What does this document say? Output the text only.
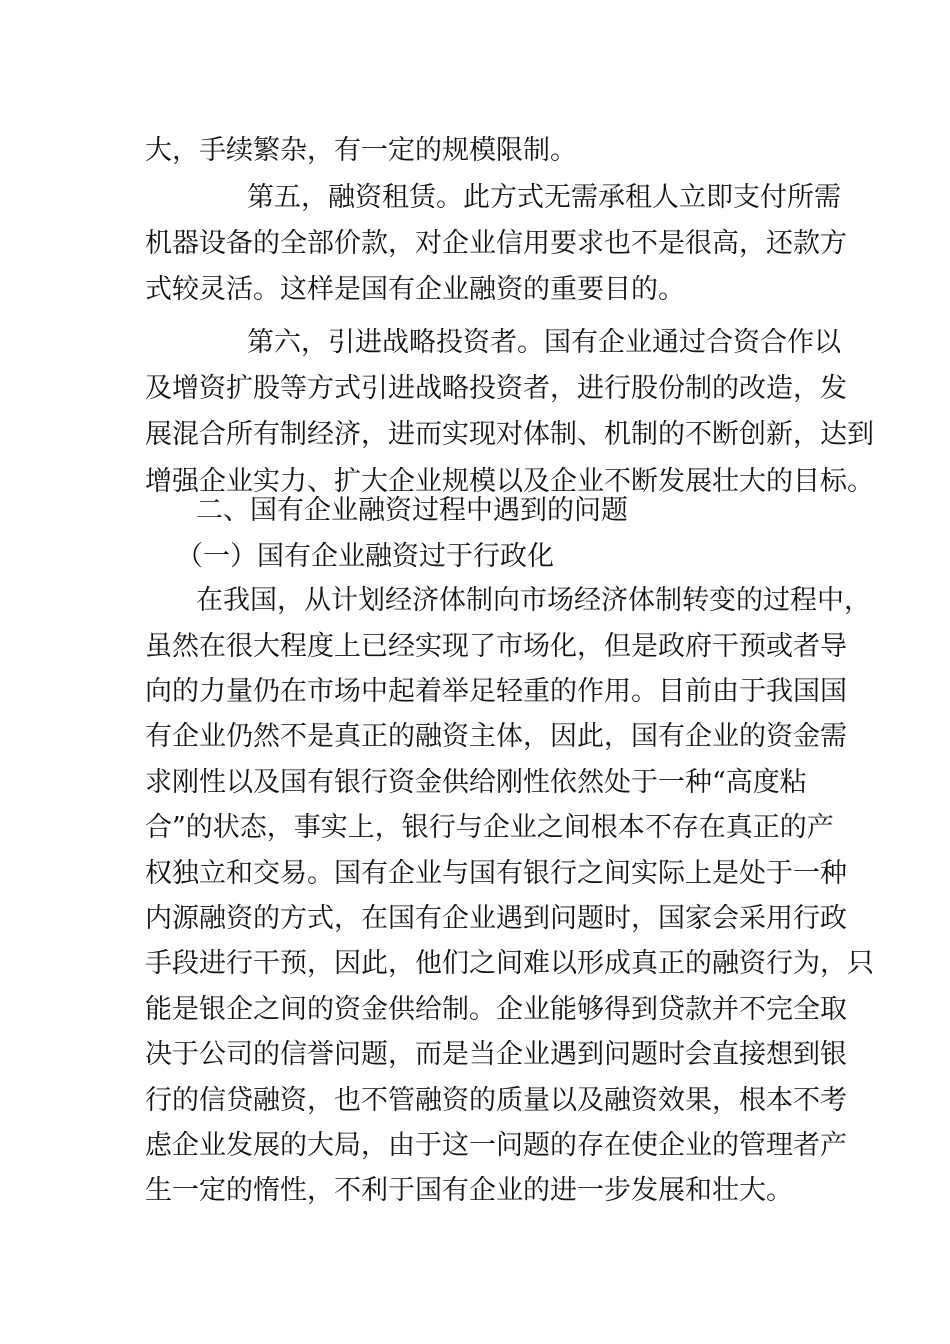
大，手续繁杂，有一定的规模限制。
第五，融资租赁。此方式无需承租人立即支付所需
机器设备的全部价款，对企业信用要求也不是很高，还款方
式较灵活。这样是国有企业融资的重要目的。
第六，引进战略投资者。国有企业通过合资合作以
及增资扩股等方式引进战略投资者，进行股份制的改造，发
展混合所有制经济，进而实现对体制、机制的不断创新，达到
增强企业实力、扩大企业规模以及企业不断发展壮大的目标。
二、国有企业融资过程中遇到的问题
（一）国有企业融资过于行政化
在我国，从计划经济体制向市场经济体制转变的过程中，
虽然在很大程度上已经实现了市场化，但是政府干预或者导
向的力量仍在市场中起着举足轻重的作用。目前由于我国国
有企业仍然不是真正的融资主体，因此，国有企业的资金需
求刚性以及国有银行资金供给刚性依然处于一种“高度粘
合”的状态，事实上，银行与企业之间根本不存在真正的产
权独立和交易。国有企业与国有银行之间实际上是处于一种
内源融资的方式，在国有企业遇到问题时，国家会采用行政
手段进行干预，因此，他们之间难以形成真正的融资行为，只
能是银企之间的资金供给制。企业能够得到贷款并不完全取
决于公司的信誉问题，而是当企业遇到问题时会直接想到银
行的信贷融资，也不管融资的质量以及融资效果，根本不考
虑企业发展的大局，由于这一问题的存在使企业的管理者产
生一定的惰性，不利于国有企业的进一步发展和壮大。
